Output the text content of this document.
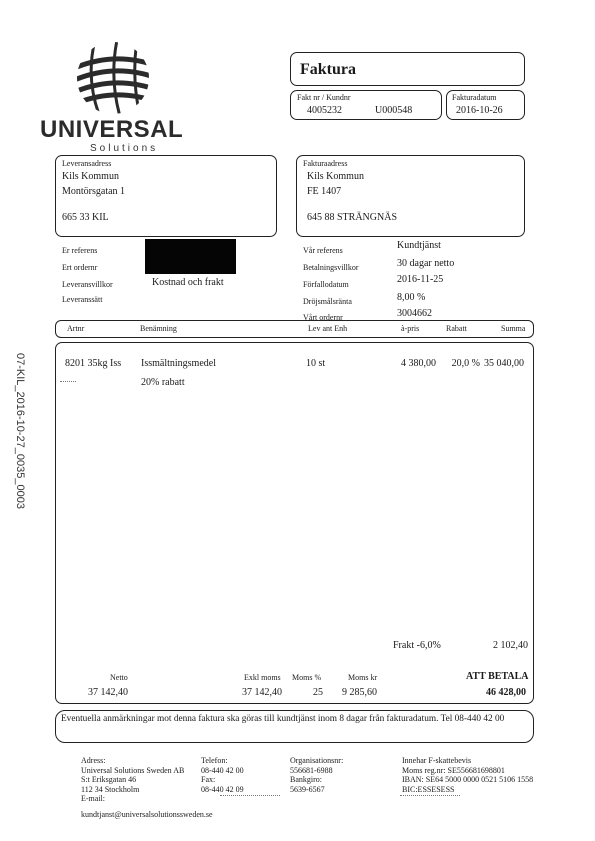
07-KIL_2016-10-27_0035_0003
UNIVERSAL
Solutions
Faktura
Fakt nr / Kundnr
4005232	U000548
Fakturadatum
2016-10-26
Leveransadress
Kils Kommun
Montörsgatan 1
665 33 KIL
Fakturaadress
Kils Kommun
FE 1407
645 88 STRÄNGNÄS
Er referens
Ert ordernr
Leveransvillkor	Kostnad och frakt
Leveranssätt
Vår referens	Kundtjänst
Betalningsvillkor	30 dagar netto
Förfallodatum	2016-11-25
Dröjsmålsränta	8,00 %
Vårt ordernr	3004662
Artnr	Benämning	Lev ant Enh	à-pris	Rabatt	Summa
8201 35kg Iss Issmältningsmedel	10 st	4 380,00	20,0 % 35 040,00
20% rabatt
Frakt -6,0%	2 102,40
Netto
37 142,40
Exkl moms
37 142,40
Moms %
25
Moms kr
9 285,60
ATT BETALA
46 428,00
Eventuella anmärkningar mot denna faktura ska göras till kundtjänst inom 8 dagar från fakturadatum. Tel 08-440 42 00
Adress:
Universal Solutions Sweden AB
S:t Eriksgatan 46
112 34 Stockholm
E-mail:
kundtjanst@universalsolutionssweden.se
Telefon:
08-440 42 00
Fax:
08-440 42 09
Organisationsnr:
556681-6988
Bankgiro:
5639-6567
Innehar F-skattebevis
Moms reg.nr: SE556681698801
IBAN: SE64 5000 0000 0521 5106 1558
BIC:ESSESESS
